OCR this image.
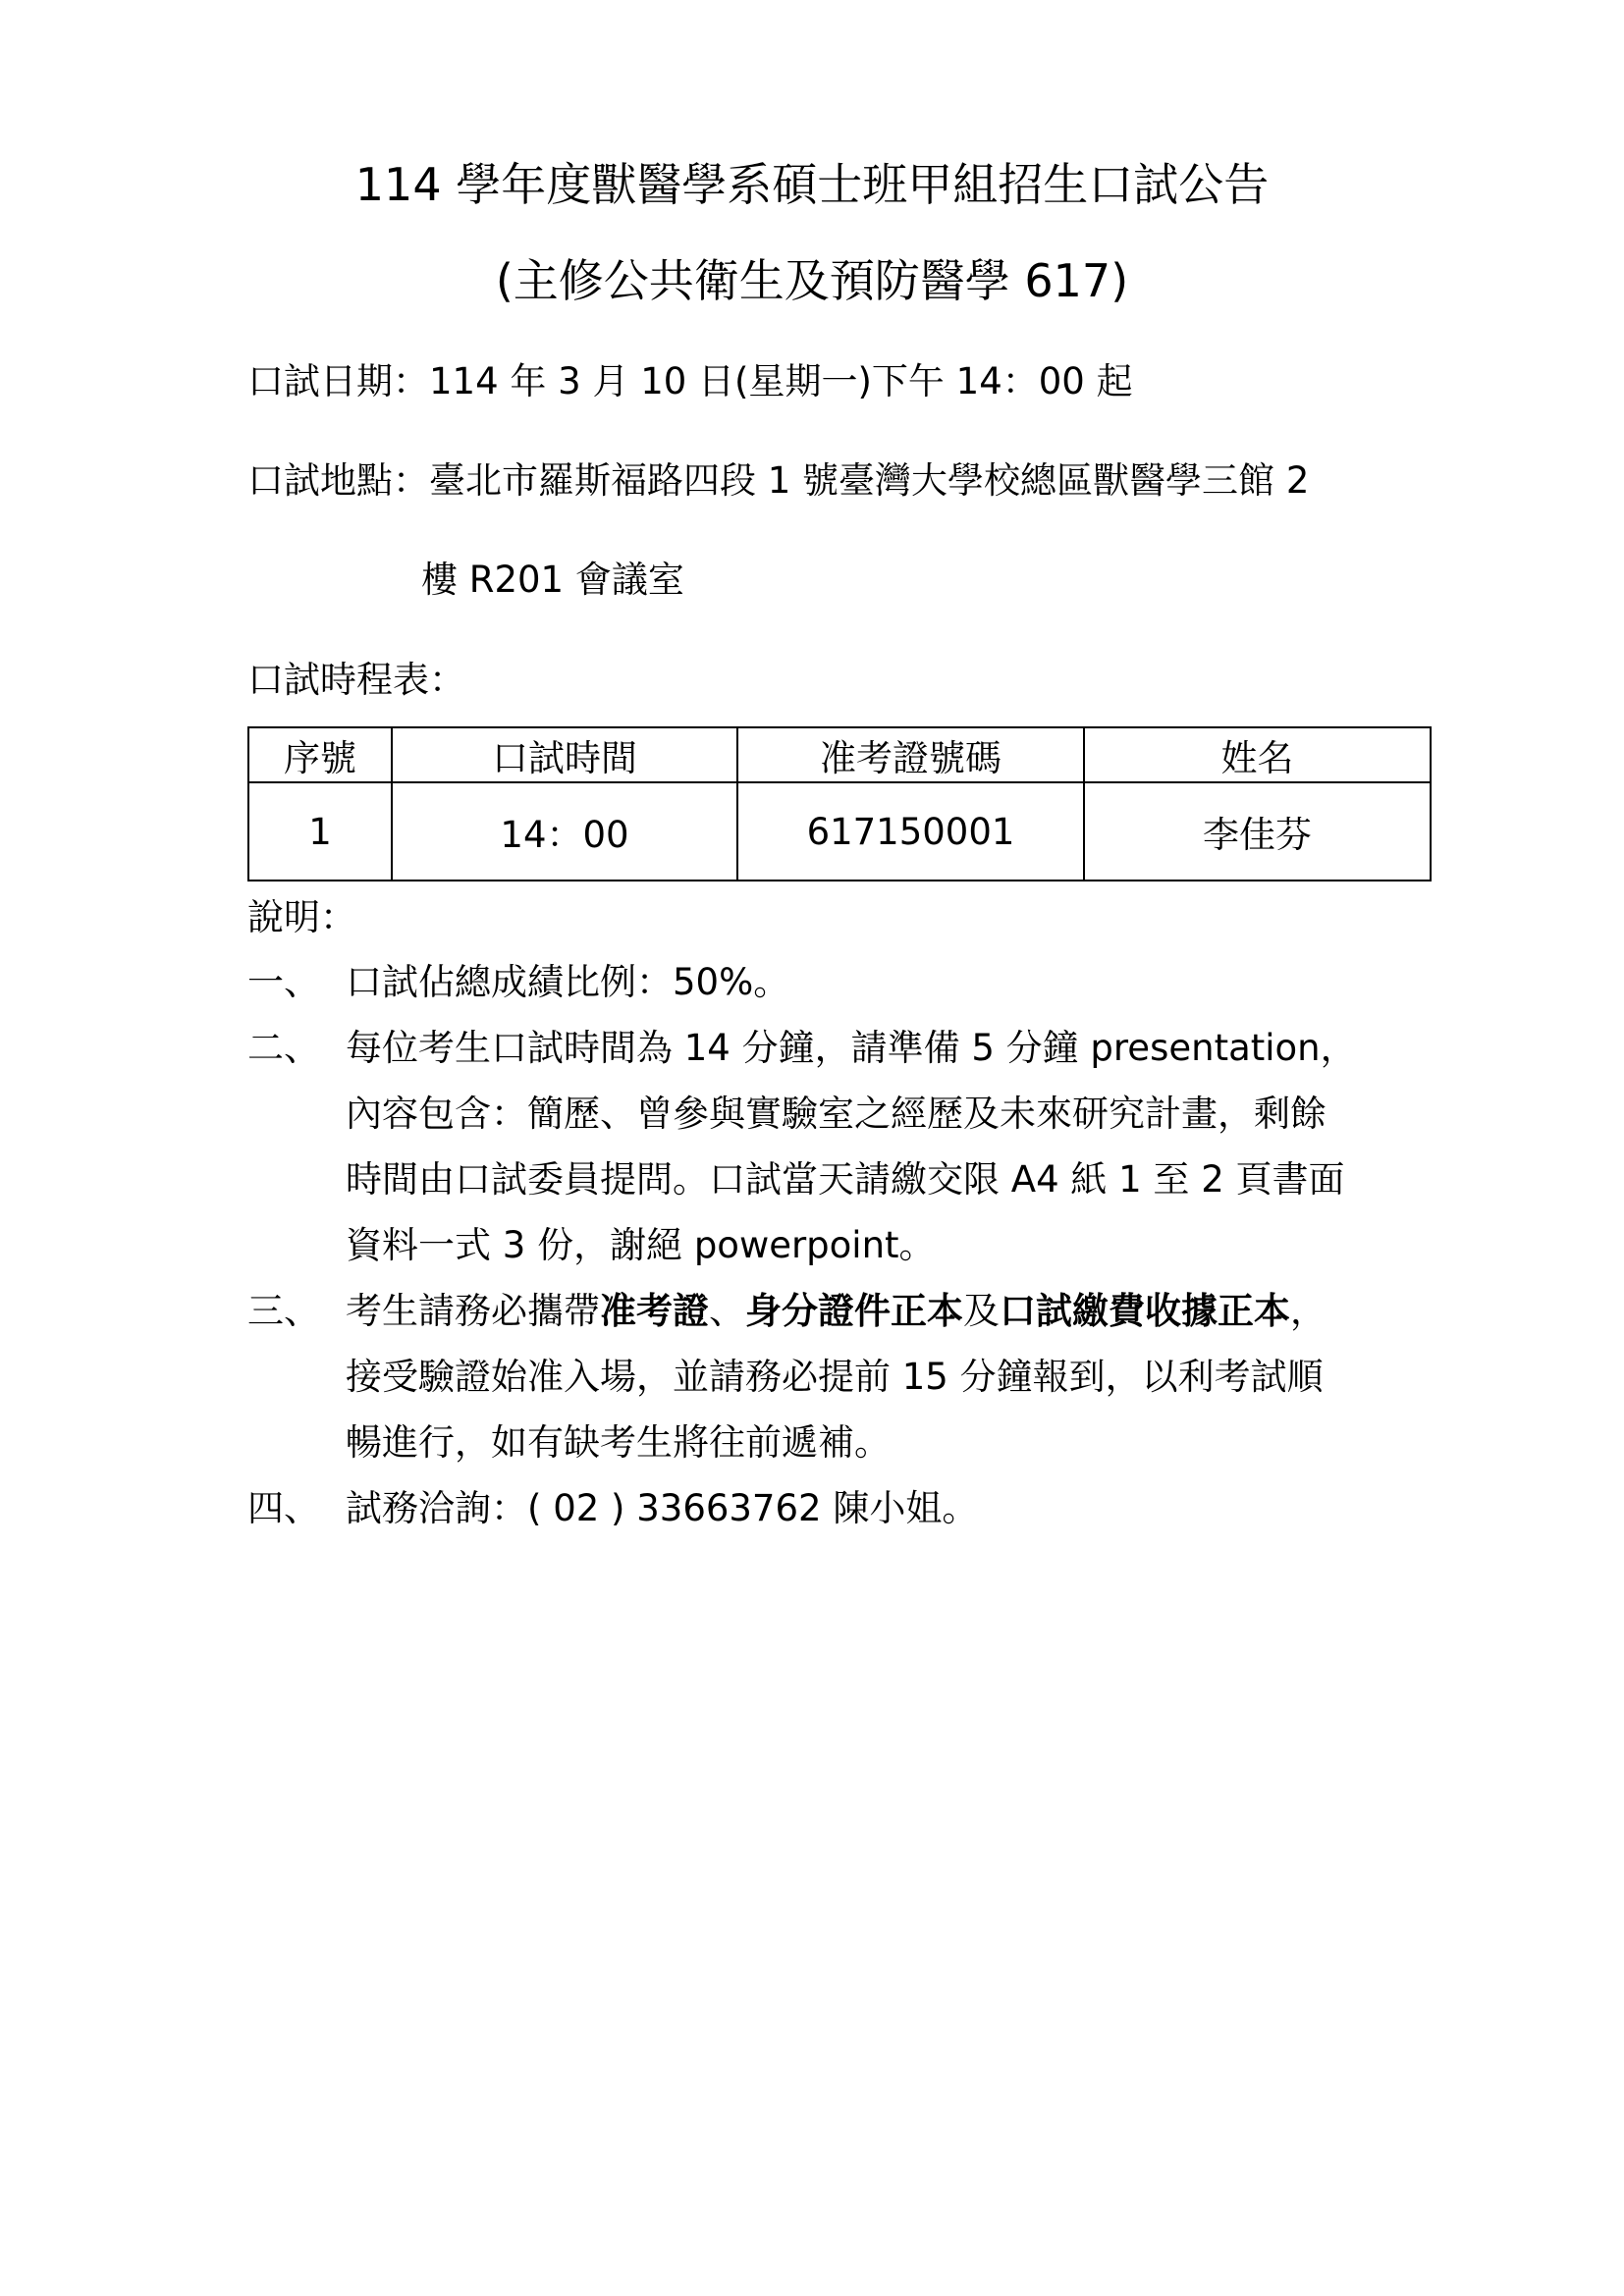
114 學年度獸醫學系碩士班甲組招生口試公告
(主修公共衛生及預防醫學 617)
口試日期：114 年 3 月 10 日(星期一)下午 14：00 起
口試地點：臺北市羅斯福路四段 1 號臺灣大學校總區獸醫學三館 2
樓 R201 會議室
口試時程表：
序號	口試時間	准考證號碼	姓名
1	14：00	617150001	李佳芬
說明：
一、 口試佔總成績比例：50%。

二、 每位考生口試時間為 14 分鐘，請準備 5 分鐘 presentation，

內容包含：簡歷、曾參與實驗室之經歷及未來研究計畫，剩餘

時間由口試委員提問。口試當天請繳交限 A4 紙 1 至 2 頁書面

資料一式 3 份，謝絕 powerpoint。

三、 考生請務必攜帶准考證、身分證件正本及口試繳費收據正本，

接受驗證始准入場，並請務必提前 15 分鐘報到，以利考試順

暢進行，如有缺考生將往前遞補。

四、 試務洽詢：( 02 ) 33663762 陳小姐。
